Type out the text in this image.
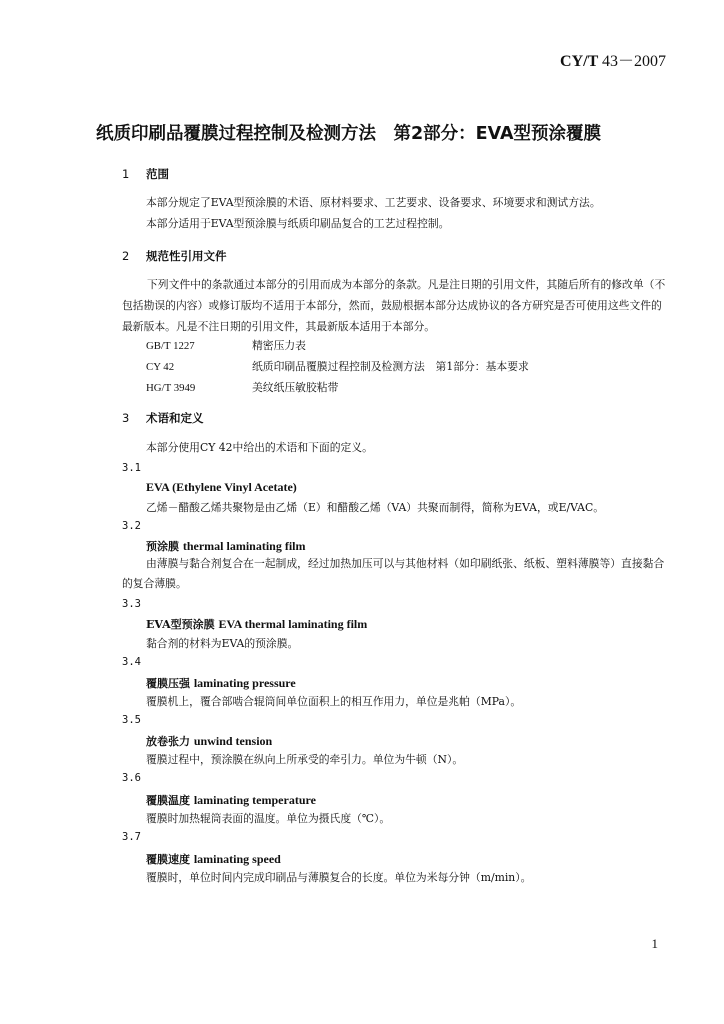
CY/T 43－2007
纸质印刷品覆膜过程控制及检测方法　第2部分：EVA型预涂覆膜
1 范围
本部分规定了EVA型预涂膜的术语、原材料要求、工艺要求、设备要求、环境要求和测试方法。
本部分适用于EVA型预涂膜与纸质印刷品复合的工艺过程控制。
2 规范性引用文件
下列文件中的条款通过本部分的引用而成为本部分的条款。凡是注日期的引用文件，其随后所有的修改单（不包括勘误的内容）或修订版均不适用于本部分，然而，鼓励根据本部分达成协议的各方研究是否可使用这些文件的最新版本。凡是不注日期的引用文件，其最新版本适用于本部分。
GB/T 1227	精密压力表
CY 42	纸质印刷品覆膜过程控制及检测方法　第1部分：基本要求
HG/T 3949	美纹纸压敏胶粘带
3 术语和定义
本部分使用CY 42中给出的术语和下面的定义。
3.1
EVA (Ethylene Vinyl Acetate)
乙烯－醋酸乙烯共聚物是由乙烯（E）和醋酸乙烯（VA）共聚而制得，简称为EVA，或E/VAC。
3.2
预涂膜 thermal laminating film
由薄膜与黏合剂复合在一起制成，经过加热加压可以与其他材料（如印刷纸张、纸板、塑料薄膜等）直接黏合的复合薄膜。
3.3
EVA型预涂膜 EVA thermal laminating film
黏合剂的材料为EVA的预涂膜。
3.4
覆膜压强 laminating pressure
覆膜机上，覆合部啮合辊筒间单位面积上的相互作用力，单位是兆帕（MPa）。
3.5
放卷张力 unwind tension
覆膜过程中，预涂膜在纵向上所承受的牵引力。单位为牛顿（N）。
3.6
覆膜温度 laminating temperature
覆膜时加热辊筒表面的温度。单位为摄氏度（℃）。
3.7
覆膜速度 laminating speed
覆膜时，单位时间内完成印刷品与薄膜复合的长度。单位为米每分钟（m/min）。
1
